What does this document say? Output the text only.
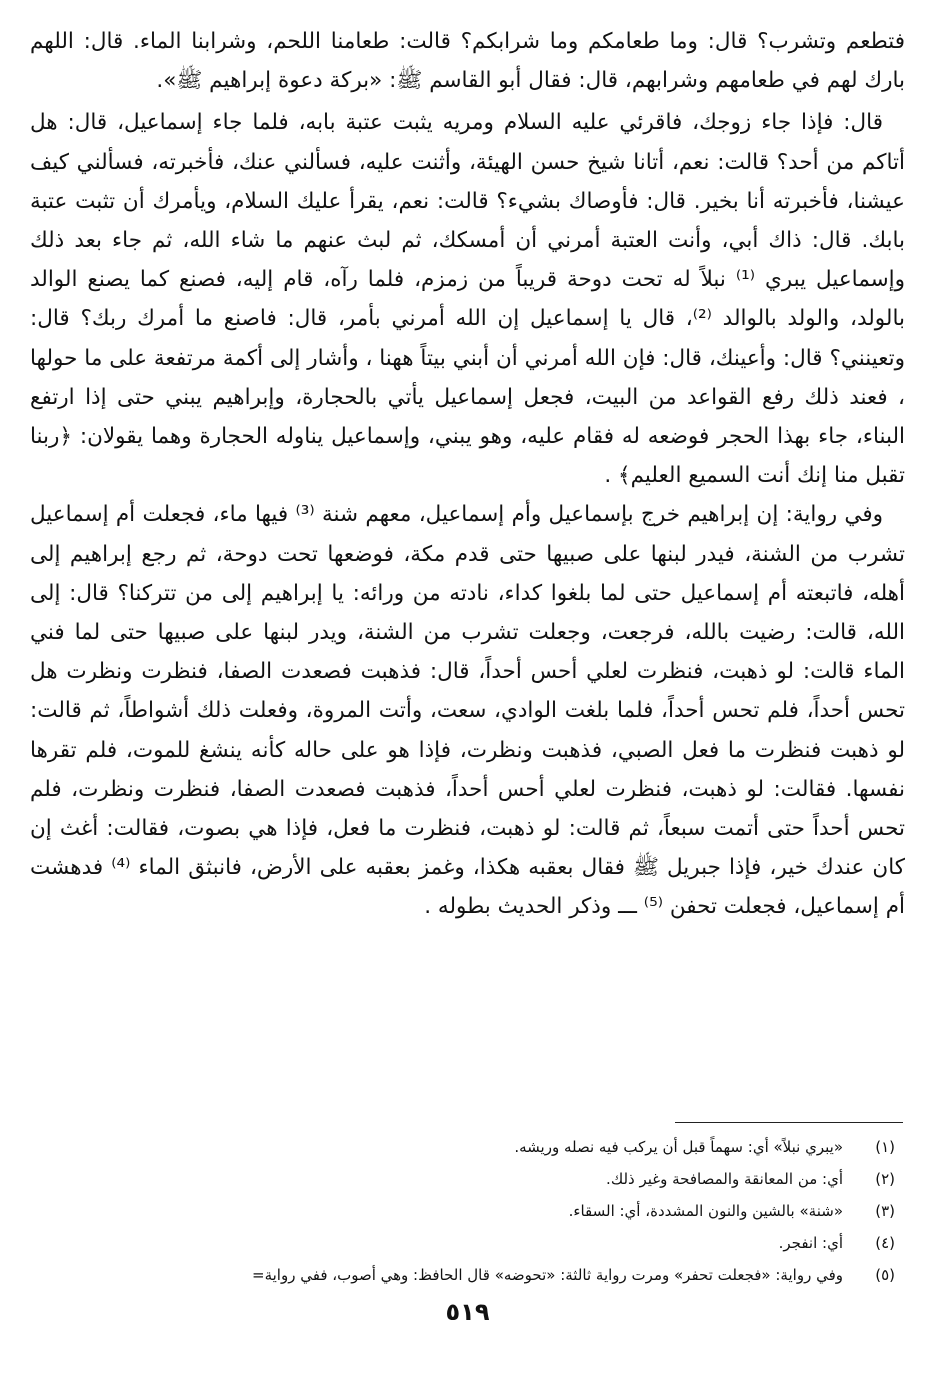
فتطعم وتشرب؟ قال: وما طعامكم وما شرابكم؟ قالت: طعامنا اللحم، وشرابنا الماء. قال: اللهم بارك لهم في طعامهم وشرابهم، قال: فقال أبو القاسم ﷺ: «بركة دعوة إبراهيم ﷺ».

قال: فإذا جاء زوجك، فاقرئي عليه السلام ومريه يثبت عتبة بابه، فلما جاء إسماعيل، قال: هل أتاكم من أحد؟ قالت: نعم، أتانا شيخ حسن الهيئة، وأثنت عليه، فسألني عنك، فأخبرته، فسألني كيف عيشنا، فأخبرته أنا بخير. قال: فأوصاك بشيء؟ قالت: نعم، يقرأ عليك السلام، ويأمرك أن تثبت عتبة بابك. قال: ذاك أبي، وأنت العتبة أمرني أن أمسكك، ثم لبث عنهم ما شاء الله، ثم جاء بعد ذلك وإسماعيل يبري ⁽¹⁾ نبلاً له تحت دوحة قريباً من زمزم، فلما رآه، قام إليه، فصنع كما يصنع الوالد بالولد، والولد بالوالد ⁽²⁾، قال يا إسماعيل إن الله أمرني بأمر، قال: فاصنع ما أمرك ربك؟ قال: وتعينني؟ قال: وأعينك، قال: فإن الله أمرني أن أبني بيتاً ههنا ، وأشار إلى أكمة مرتفعة على ما حولها ، فعند ذلك رفع القواعد من البيت، فجعل إسماعيل يأتي بالحجارة، وإبراهيم يبني حتى إذا ارتفع البناء، جاء بهذا الحجر فوضعه له فقام عليه، وهو يبني، وإسماعيل يناوله الحجارة وهما يقولان: ﴿ربنا تقبل منا إنك أنت السميع العليم﴾ .

وفي رواية: إن إبراهيم خرج بإسماعيل وأم إسماعيل، معهم شنة ⁽³⁾ فيها ماء، فجعلت أم إسماعيل تشرب من الشنة، فيدر لبنها على صبيها حتى قدم مكة، فوضعها تحت دوحة، ثم رجع إبراهيم إلى أهله، فاتبعته أم إسماعيل حتى لما بلغوا كداء، نادته من ورائه: يا إبراهيم إلى من تتركنا؟ قال: إلى الله، قالت: رضيت بالله، فرجعت، وجعلت تشرب من الشنة، ويدر لبنها على صبيها حتى لما فني الماء قالت: لو ذهبت، فنظرت لعلي أحس أحداً، قال: فذهبت فصعدت الصفا، فنظرت ونظرت هل تحس أحداً، فلم تحس أحداً، فلما بلغت الوادي، سعت، وأتت المروة، وفعلت ذلك أشواطاً، ثم قالت: لو ذهبت فنظرت ما فعل الصبي، فذهبت ونظرت، فإذا هو على حاله كأنه ينشغ للموت، فلم تقرها نفسها. فقالت: لو ذهبت، فنظرت لعلي أحس أحداً، فذهبت فصعدت الصفا، فنظرت ونظرت، فلم تحس أحداً حتى أتمت سبعاً، ثم قالت: لو ذهبت، فنظرت ما فعل، فإذا هي بصوت، فقالت: أغث إن كان عندك خير، فإذا جبريل ﷺ فقال بعقبه هكذا، وغمز بعقبه على الأرض، فانبثق الماء ⁽⁴⁾ فدهشت أم إسماعيل، فجعلت تحفن ⁽⁵⁾ ـــ وذكر الحديث بطوله .

(١)
«يبري نبلاً» أي: سهماً قبل أن يركب فيه نصله وريشه.
(٢)
أي: من المعانقة والمصافحة وغير ذلك.
(٣)
«شنة» بالشين والنون المشددة، أي: السقاء.
(٤)
أي: انفجر.
(٥)
وفي رواية: «فجعلت تحفر» ومرت رواية ثالثة: «تحوضه» قال الحافظ: وهي أصوب، ففي رواية=
٥١٩
